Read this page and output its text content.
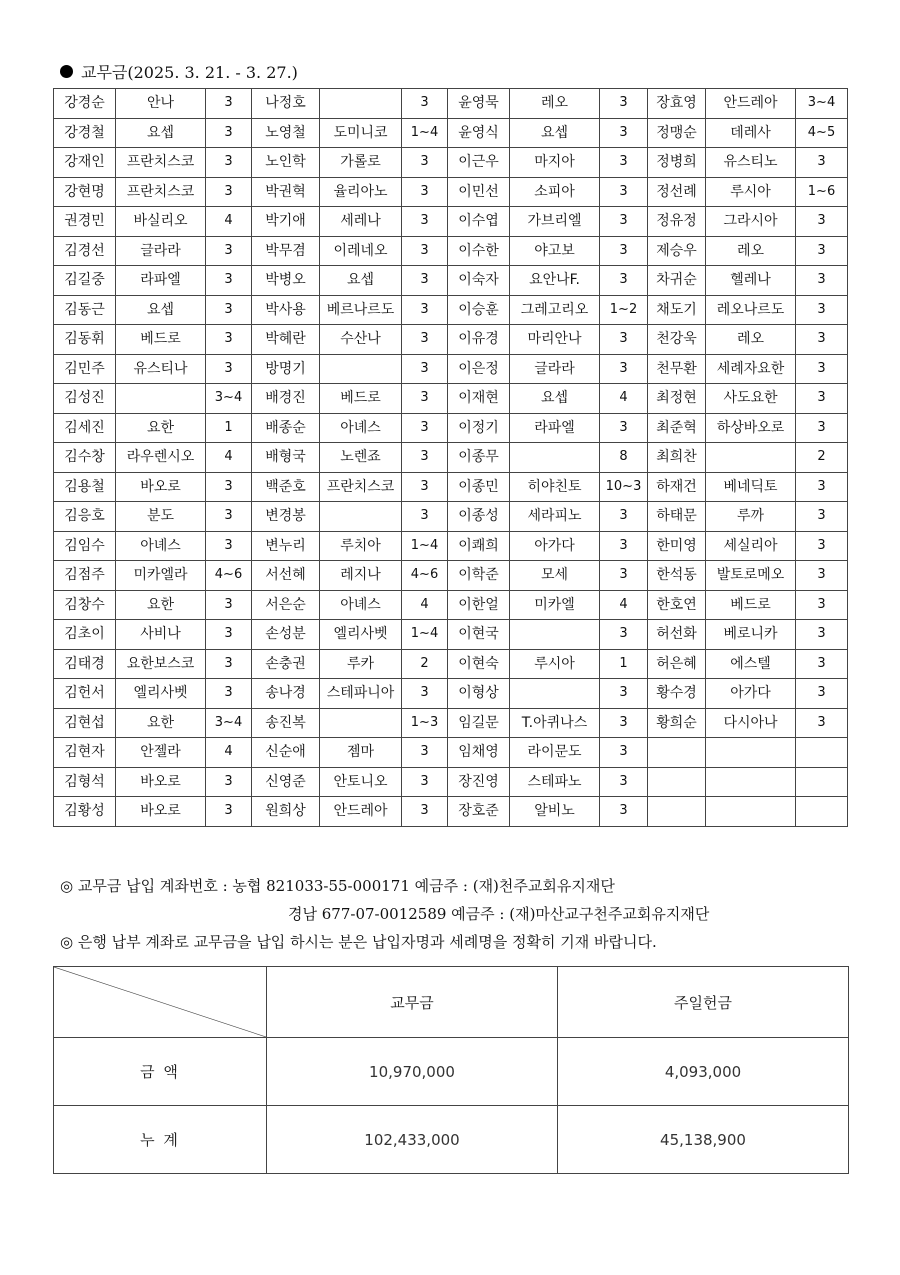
교무금(2025. 3. 21. - 3. 27.)
강경순	안나	3	나정호		3	윤영묵	레오	3	장효영	안드레아	3~4
강경철	요셉	3	노영철	도미니코	1~4	윤영식	요셉	3	정맹순	데레사	4~5
강재인	프란치스코	3	노인학	가롤로	3	이근우	마지아	3	정병희	유스티노	3
강현명	프란치스코	3	박권혁	율리아노	3	이민선	소피아	3	정선례	루시아	1~6
권경민	바실리오	4	박기애	세레나	3	이수엽	가브리엘	3	정유정	그라시아	3
김경선	글라라	3	박무겸	이레네오	3	이수한	야고보	3	제승우	레오	3
김길중	라파엘	3	박병오	요셉	3	이숙자	요안나F.	3	차귀순	헬레나	3
김동근	요셉	3	박사용	베르나르도	3	이승훈	그레고리오	1~2	채도기	레오나르도	3
김동휘	베드로	3	박혜란	수산나	3	이유경	마리안나	3	천강욱	레오	3
김민주	유스티나	3	방명기		3	이은정	글라라	3	천무환	세례자요한	3
김성진		3~4	배경진	베드로	3	이재현	요셉	4	최정현	사도요한	3
김세진	요한	1	배종순	아녜스	3	이정기	라파엘	3	최준혁	하상바오로	3
김수창	라우렌시오	4	배형국	노렌죠	3	이종무		8	최희찬		2
김용철	바오로	3	백준호	프란치스코	3	이종민	히야친토	10~3	하재건	베네딕토	3
김응호	분도	3	변경봉		3	이종성	세라피노	3	하태문	루까	3
김임수	아녜스	3	변누리	루치아	1~4	이쾌희	아가다	3	한미영	세실리아	3
김점주	미카엘라	4~6	서선혜	레지나	4~6	이학준	모세	3	한석동	발토로메오	3
김창수	요한	3	서은순	아녜스	4	이한얼	미카엘	4	한호연	베드로	3
김초이	사비나	3	손성분	엘리사벳	1~4	이현국		3	허선화	베로니카	3
김태경	요한보스코	3	손충권	루카	2	이현숙	루시아	1	허은혜	에스텔	3
김헌서	엘리사벳	3	송나경	스테파니아	3	이형상		3	황수경	아가다	3
김현섭	요한	3~4	송진복		1~3	임길문	T.아퀴나스	3	황희순	다시아나	3
김현자	안젤라	4	신순애	젬마	3	임채영	라이문도	3			
김형석	바오로	3	신영준	안토니오	3	장진영	스테파노	3			
김황성	바오로	3	원희상	안드레아	3	장호준	알비노	3			
◎ 교무금 납입 계좌번호 : 농협 821033-55-000171 예금주 : (재)천주교회유지재단
경남 677-07-0012589 예금주 : (재)마산교구천주교회유지재단
◎ 은행 납부 계좌로 교무금을 납입 하시는 분은 납입자명과 세례명을 정확히 기재 바랍니다.
	교무금	주일헌금
금 액	10,970,000	4,093,000
누 계	102,433,000	45,138,900
